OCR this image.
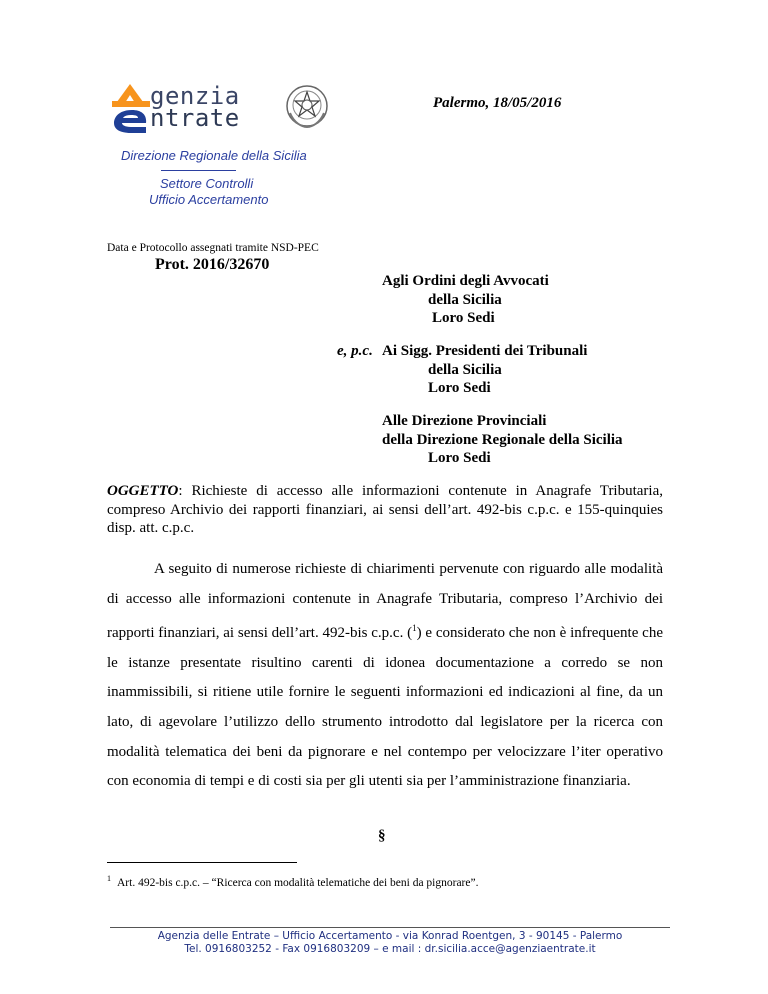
genzia
ntrate
Palermo, 18/05/2016
Direzione Regionale della Sicilia
Settore Controlli
Ufficio Accertamento
Data e Protocollo assegnati tramite NSD-PEC
Prot. 2016/32670
Agli Ordini degli Avvocati
della Sicilia
Loro Sedi
e, p.c. Ai Sigg. Presidenti dei Tribunali
della Sicilia
Loro Sedi
Alle Direzione Provinciali
della Direzione Regionale della Sicilia
Loro Sedi
OGGETTO: Richieste di accesso alle informazioni contenute in Anagrafe Tributaria, compreso Archivio dei rapporti finanziari, ai sensi dell’art. 492-bis c.p.c. e 155-quinquies disp. att. c.p.c.

A seguito di numerose richieste di chiarimenti pervenute con riguardo alle modalità di accesso alle informazioni contenute in Anagrafe Tributaria, compreso l’Archivio dei rapporti finanziari, ai sensi dell’art. 492-bis c.p.c. ($^1$) e considerato che non è infrequente che le istanze presentate risultino carenti di idonea documentazione a corredo se non inammissibili, si ritiene utile fornire le seguenti informazioni ed indicazioni al fine, da un lato, di agevolare l’utilizzo dello strumento introdotto dal legislatore per la ricerca con modalità telematica dei beni da pignorare e nel contempo per velocizzare l’iter operativo con economia di tempi e di costi sia per gli utenti sia per l’amministrazione finanziaria.

§
$^1$ Art. 492-bis c.p.c. – “Ricerca con modalità telematiche dei beni da pignorare”.
Agenzia delle Entrate – Ufficio Accertamento - via Konrad Roentgen, 3 - 90145 - Palermo
Tel. 0916803252 - Fax 0916803209 – e mail : dr.sicilia.acce@agenziaentrate.it
